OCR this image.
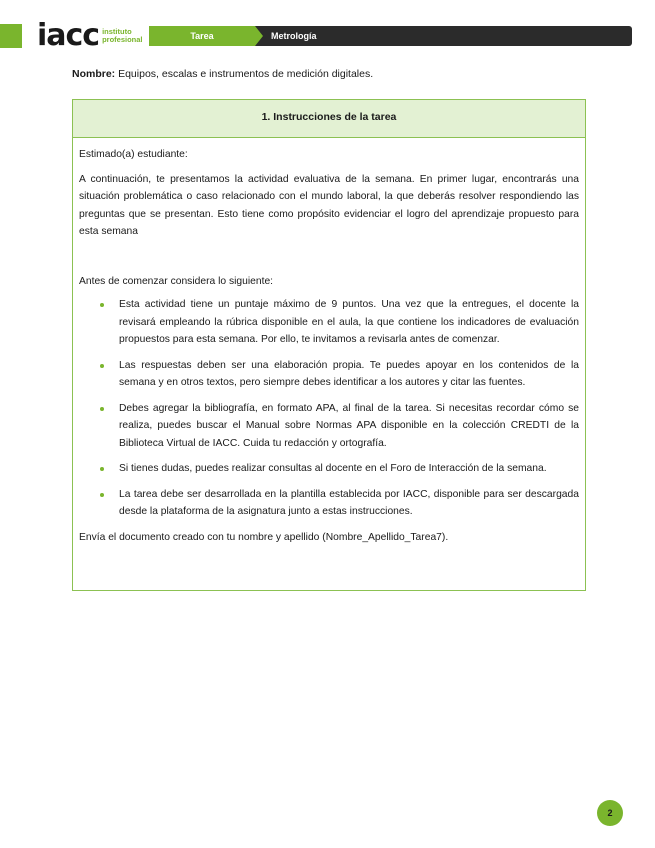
iacc instituto
profesional	Tarea	Metrología
Nombre: Equipos, escalas e instrumentos de medición digitales.
1. Instrucciones de la tarea

Estimado(a) estudiante:

A continuación, te presentamos la actividad evaluativa de la semana. En primer lugar, encontrarás una situación problemática o caso relacionado con el mundo laboral, la que deberás resolver respondiendo las preguntas que se presentan. Esto tiene como propósito evidenciar el logro del aprendizaje propuesto para esta semana

Antes de comenzar considera lo siguiente:

Esta actividad tiene un puntaje máximo de 9 puntos. Una vez que la entregues, el docente la revisará empleando la rúbrica disponible en el aula, la que contiene los indicadores de evaluación propuestos para esta semana. Por ello, te invitamos a revisarla antes de comenzar.
Las respuestas deben ser una elaboración propia. Te puedes apoyar en los contenidos de la semana y en otros textos, pero siempre debes identificar a los autores y citar las fuentes.
Debes agregar la bibliografía, en formato APA, al final de la tarea. Si necesitas recordar cómo se realiza, puedes buscar el Manual sobre Normas APA disponible en la colección CREDTI de la Biblioteca Virtual de IACC. Cuida tu redacción y ortografía.
Si tienes dudas, puedes realizar consultas al docente en el Foro de Interacción de la semana.
La tarea debe ser desarrollada en la plantilla establecida por IACC, disponible para ser descargada desde la plataforma de la asignatura junto a estas instrucciones.

Envía el documento creado con tu nombre y apellido (Nombre_Apellido_Tarea7).

2
